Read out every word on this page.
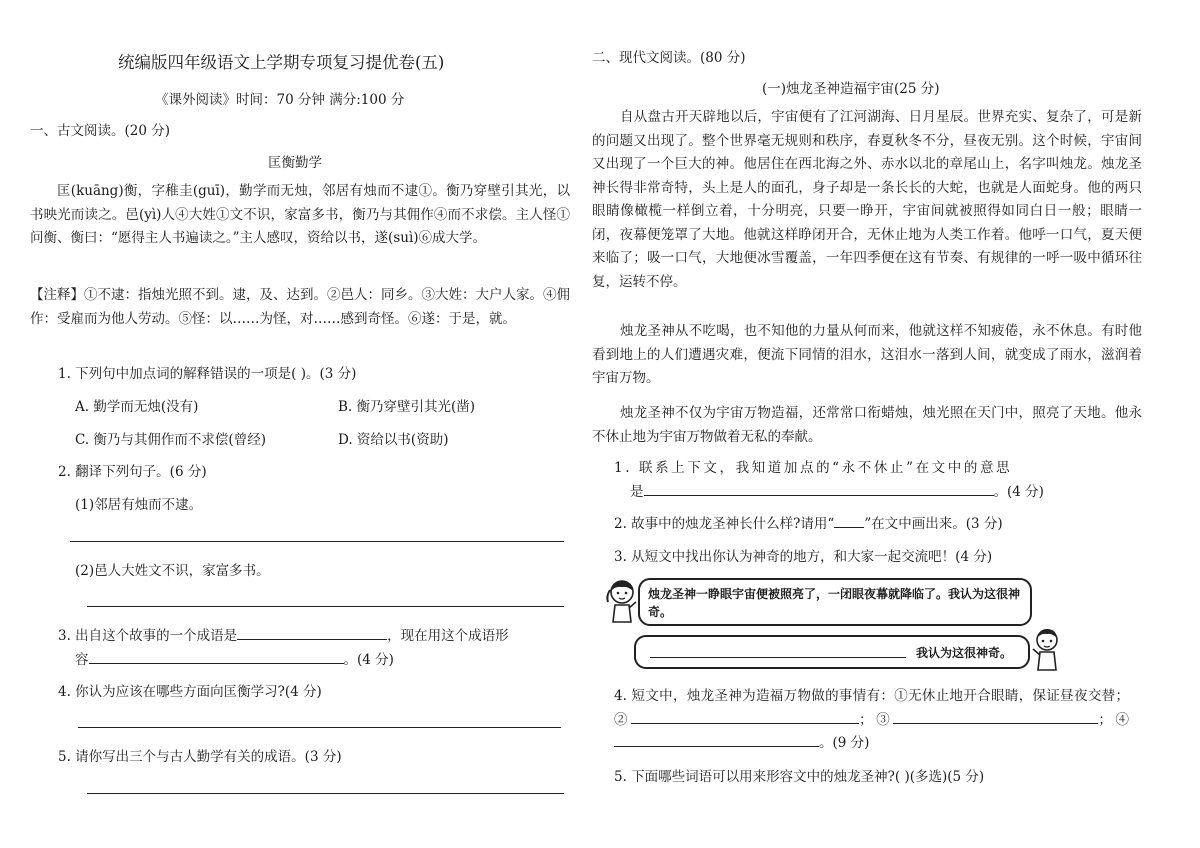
统编版四年级语文上学期专项复习提优卷(五)
《课外阅读》时间：70 分钟 满分:100 分
一、古文阅读。(20 分)
匡衡勤学
匡(kuāng)衡，字稚圭(guī)，勤学而无烛，邻居有烛而不逮①。衡乃穿壁引其光，以书映光而读之。邑(yì)人④大姓①文不识，家富多书，衡乃与其佣作④而不求偿。主人怪①问衡、衡曰：“愿得主人书遍读之。”主人感叹，资给以书，遂(suì)⑥成大学。
【注释】①不逮：指烛光照不到。逮，及、达到。②邑人：同乡。③大姓：大户人家。④佣作：受雇而为他人劳动。⑤怪：以……为怪，对……感到奇怪。⑥遂：于是，就。
1. 下列句中加点词的解释错误的一项是( )。(3 分)
A. 勤学而无烛(没有)	B. 衡乃穿壁引其光(凿)
C. 衡乃与其佣作而不求偿(曾经)	D. 资给以书(资助)
2. 翻译下列句子。(6 分)
(1)邻居有烛而不逮。
(2)邑人大姓文不识，家富多书。
3. 出自这个故事的一个成语是	，现在用这个成语形
容	。(4 分)
4. 你认为应该在哪些方面向匡衡学习?(4 分)
5. 请你写出三个与古人勤学有关的成语。(3 分)
二、现代文阅读。(80 分)
(一)烛龙圣神造福宇宙(25 分)
自从盘古开天辟地以后，宇宙便有了江河湖海、日月星辰。世界充实、复杂了，可是新的问题又出现了。整个世界毫无规则和秩序，春夏秋冬不分，昼夜无别。这个时候，宇宙间又出现了一个巨大的神。他居住在西北海之外、赤水以北的章尾山上，名字叫烛龙。烛龙圣神长得非常奇特，头上是人的面孔，身子却是一条长长的大蛇，也就是人面蛇身。他的两只眼睛像橄榄一样倒立着，十分明亮，只要一睁开，宇宙间就被照得如同白日一般；眼睛一闭，夜幕便笼罩了大地。他就这样睁闭开合，无休止地为人类工作着。他呼一口气，夏天便来临了；吸一口气，大地便冰雪覆盖，一年四季便在这有节奏、有规律的一呼一吸中循环往复，运转不停。
烛龙圣神从不吃喝，也不知他的力量从何而来，他就这样不知疲倦，永不休息。有时他看到地上的人们遭遇灾难，便流下同情的泪水，这泪水一落到人间，就变成了雨水，滋润着宇宙万物。
烛龙圣神不仅为宇宙万物造福，还常常口衔蜡烛，烛光照在天门中，照亮了天地。他永不休止地为宇宙万物做着无私的奉献。
1. 联系上下文，我知道加点的“永不休止”在文中的意思
是	。(4 分)
2. 故事中的烛龙圣神长什么样?请用“ ”在文中画出来。(3 分)
3. 从短文中找出你认为神奇的地方，和大家一起交流吧！(4 分)
烛龙圣神一睁眼宇宙便被照亮了，一闭眼夜幕就降临了。我认为这很神奇。
我认为这很神奇。
4. 短文中，烛龙圣神为造福万物做的事情有：①无休止地开合眼睛，保证昼夜交替；②	；③	；④。(9 分)
5. 下面哪些词语可以用来形容文中的烛龙圣神?( )(多选)(5 分)
